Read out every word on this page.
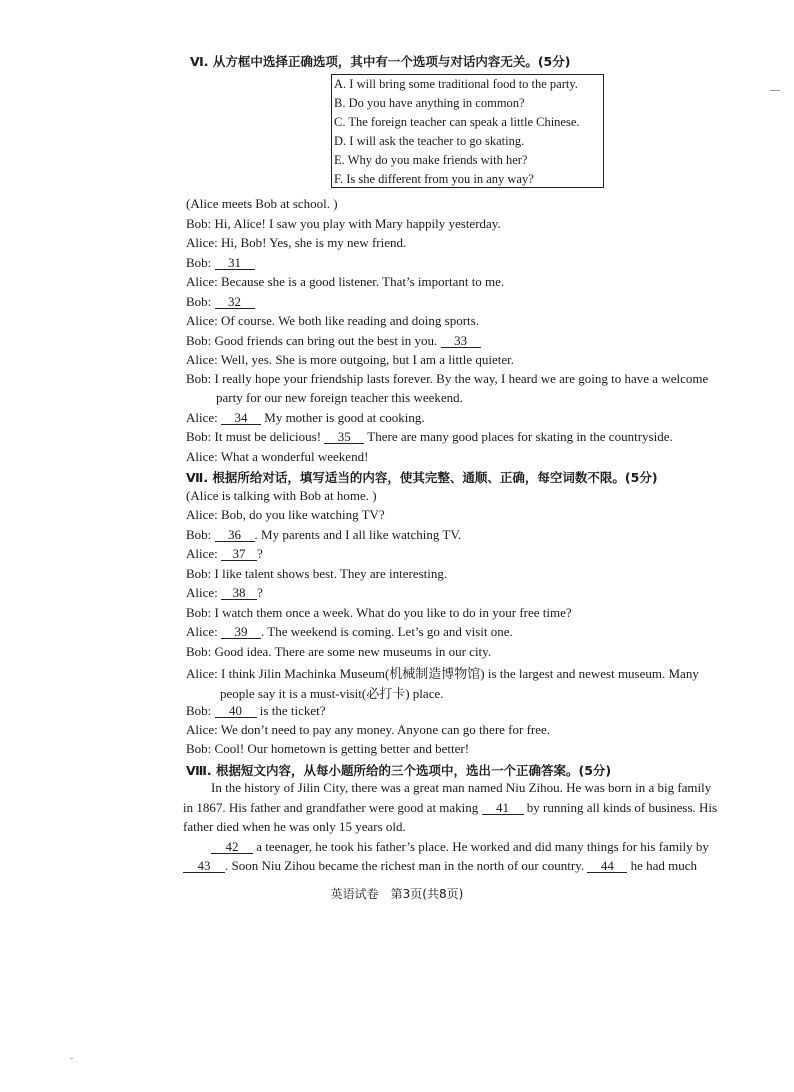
Ⅵ. 从方框中选择正确选项，其中有一个选项与对话内容无关。(5分)
A. I will bring some traditional food to the party.
B. Do you have anything in common?
C. The foreign teacher can speak a little Chinese.
D. I will ask the teacher to go skating.
E. Why do you make friends with her?
F. Is she different from you in any way?
(Alice meets Bob at school. )
Bob: Hi, Alice! I saw you play with Mary happily yesterday.
Alice: Hi, Bob! Yes, she is my new friend.
Bob: 31
Alice: Because she is a good listener. That’s important to me.
Bob: 32
Alice: Of course. We both like reading and doing sports.
Bob: Good friends can bring out the best in you. 33
Alice: Well, yes. She is more outgoing, but I am a little quieter.
Bob: I really hope your friendship lasts forever. By the way, I heard we are going to have a welcome
party for our new foreign teacher this weekend.
Alice: 34 My mother is good at cooking.
Bob: It must be delicious! 35 There are many good places for skating in the countryside.
Alice: What a wonderful weekend!
Ⅶ. 根据所给对话，填写适当的内容，使其完整、通顺、正确，每空词数不限。(5分)
(Alice is talking with Bob at home. )
Alice: Bob, do you like watching TV?
Bob: 36 . My parents and I all like watching TV.
Alice: 37 ?
Bob: I like talent shows best. They are interesting.
Alice: 38 ?
Bob: I watch them once a week. What do you like to do in your free time?
Alice: 39 . The weekend is coming. Let’s go and visit one.
Bob: Good idea. There are some new museums in our city.
Alice: I think Jilin Machinka Museum(机械制造博物馆) is the largest and newest museum. Many
people say it is a must-visit(必打卡) place.
Bob: 40 is the ticket?
Alice: We don’t need to pay any money. Anyone can go there for free.
Bob: Cool! Our hometown is getting better and better!
Ⅷ. 根据短文内容，从每小题所给的三个选项中，选出一个正确答案。(5分)
In the history of Jilin City, there was a great man named Niu Zihou. He was born in a big family
in 1867. His father and grandfather were good at making 41 by running all kinds of business. His
father died when he was only 15 years old.
42 a teenager, he took his father’s place. He worked and did many things for his family by
43 . Soon Niu Zihou became the richest man in the north of our country. 44 he had much
英语试卷　第3页(共8页)
